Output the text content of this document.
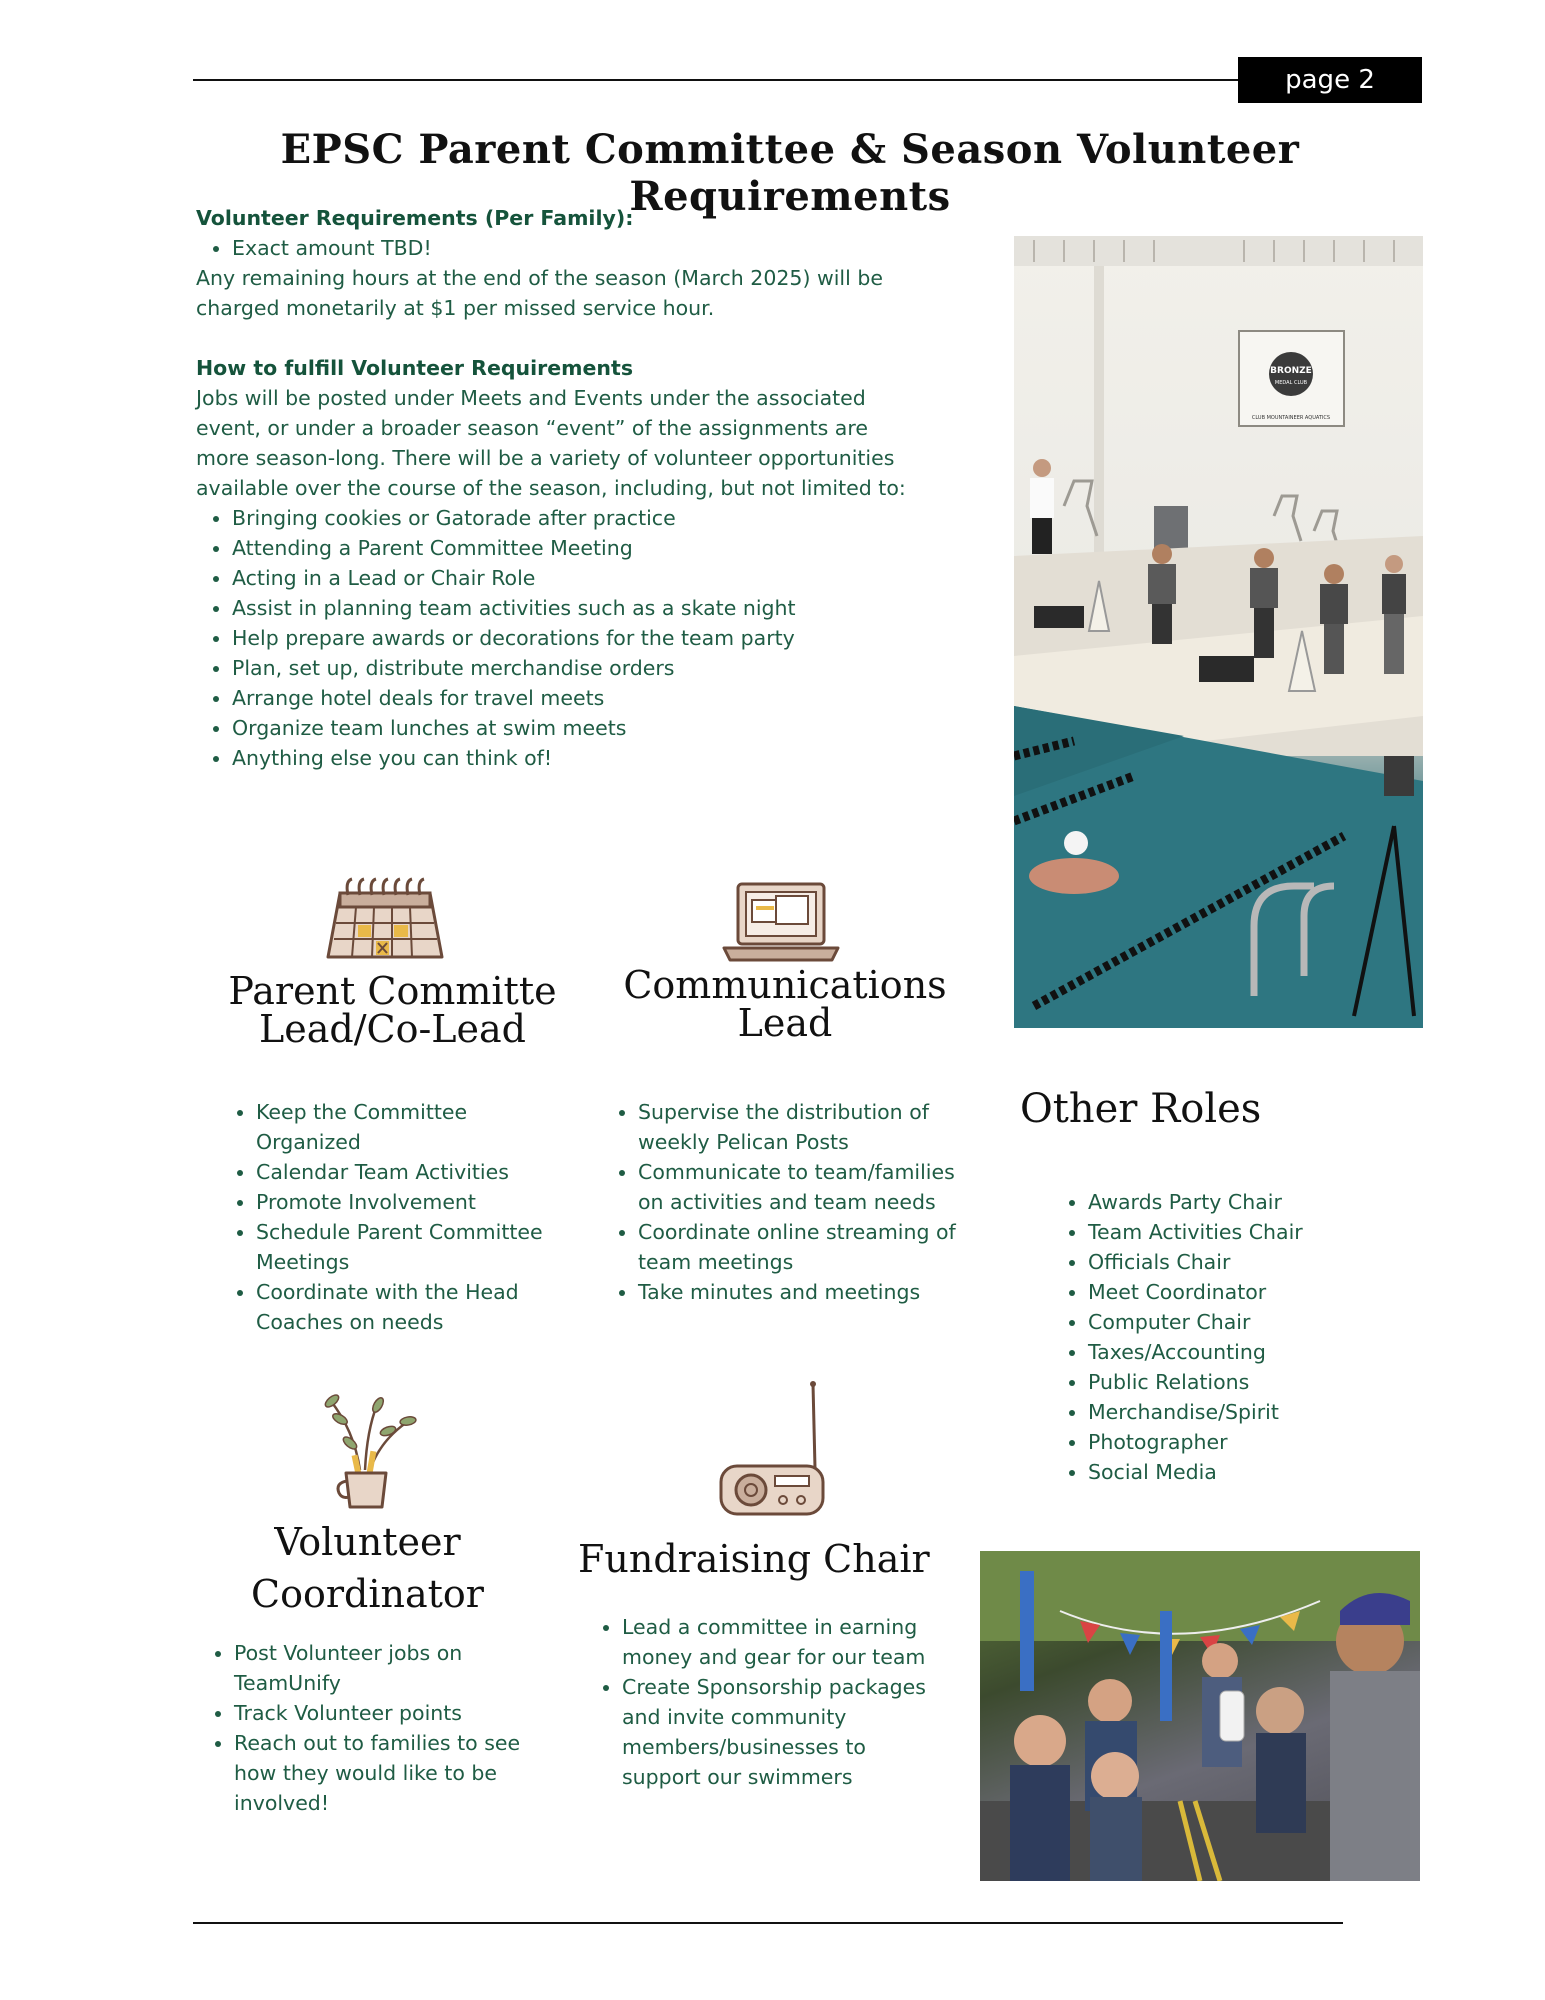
page 2
EPSC Parent Committee & Season Volunteer Requirements
Volunteer Requirements (Per Family):
• Exact amount TBD!
Any remaining hours at the end of the season (March 2025) will be charged monetarily at $1 per missed service hour.
How to fulfill Volunteer Requirements
Jobs will be posted under Meets and Events under the associated event, or under a broader season “event” of the assignments are more season-long. There will be a variety of volunteer opportunities available over the course of the season, including, but not limited to:
• Bringing cookies or Gatorade after practice
• Attending a Parent Committee Meeting
• Acting in a Lead or Chair Role
• Assist in planning team activities such as a skate night
• Help prepare awards or decorations for the team party
• Plan, set up, distribute merchandise orders
• Arrange hotel deals for travel meets
• Organize team lunches at swim meets
• Anything else you can think of!
BRONZE
MEDAL CLUB
CLUB MOUNTAINEER AQUATICS
Parent Committe
Lead/Co-Lead
Communications
Lead
Other Roles
Volunteer
Coordinator
Fundraising Chair
• Keep the Committee Organized
• Calendar Team Activities
• Promote Involvement
• Schedule Parent Committee Meetings
• Coordinate with the Head Coaches on needs
• Supervise the distribution of weekly Pelican Posts
• Communicate to team/families on activities and team needs
• Coordinate online streaming of team meetings
• Take minutes and meetings
• Awards Party Chair
• Team Activities Chair
• Officials Chair
• Meet Coordinator
• Computer Chair
• Taxes/Accounting
• Public Relations
• Merchandise/Spirit
• Photographer
• Social Media
• Post Volunteer jobs on TeamUnify
• Track Volunteer points
• Reach out to families to see how they would like to be involved!
• Lead a committee in earning money and gear for our team
• Create Sponsorship packages and invite community members/businesses to support our swimmers
